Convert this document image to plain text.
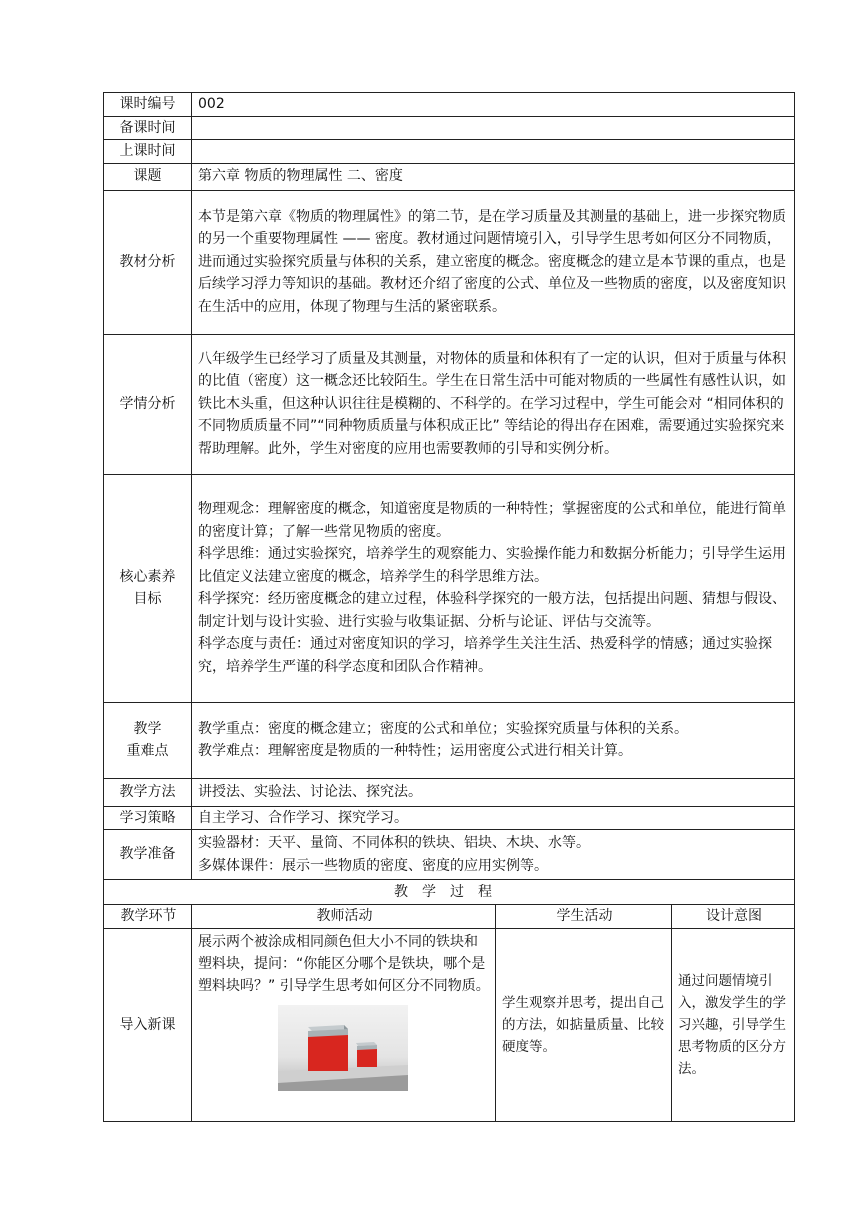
课时编号	002		
备课时间			
上课时间			
课题	第六章 物质的物理属性 二、密度		
教材分析	本节是第六章《物质的物理属性》的第二节，是在学习质量及其测量的基础上，进一步探究物质的另一个重要物理属性 —— 密度。教材通过问题情境引入，引导学生思考如何区分不同物质，进而通过实验探究质量与体积的关系，建立密度的概念。密度概念的建立是本节课的重点，也是后续学习浮力等知识的基础。教材还介绍了密度的公式、单位及一些物质的密度，以及密度知识在生活中的应用，体现了物理与生活的紧密联系。		
学情分析	八年级学生已经学习了质量及其测量，对物体的质量和体积有了一定的认识，但对于质量与体积的比值（密度）这一概念还比较陌生。学生在日常生活中可能对物质的一些属性有感性认识，如铁比木头重，但这种认识往往是模糊的、不科学的。在学习过程中，学生可能会对 “相同体积的不同物质质量不同”“同种物质质量与体积成正比” 等结论的得出存在困难，需要通过实验探究来帮助理解。此外，学生对密度的应用也需要教师的引导和实例分析。		

核心素养
目标	物理观念：理解密度的概念，知道密度是物质的一种特性；掌握密度的公式和单位，能进行简单的密度计算；了解一些常见物质的密度。
科学思维：通过实验探究，培养学生的观察能力、实验操作能力和数据分析能力；引导学生运用比值定义法建立密度的概念，培养学生的科学思维方法。
科学探究：经历密度概念的建立过程，体验科学探究的一般方法，包括提出问题、猜想与假设、制定计划与设计实验、进行实验与收集证据、分析与论证、评估与交流等。
科学态度与责任：通过对密度知识的学习，培养学生关注生活、热爱科学的情感；通过实验探究，培养学生严谨的科学态度和团队合作精神。		

教学
重难点	教学重点：密度的概念建立；密度的公式和单位；实验探究质量与体积的关系。
教学难点：理解密度是物质的一种特性；运用密度公式进行相关计算。		

教学方法	讲授法、实验法、讨论法、探究法。		
学习策略	自主学习、合作学习、探究学习。		
教学准备	实验器材：天平、量筒、不同体积的铁块、铝块、木块、水等。
多媒体课件：展示一些物质的密度、密度的应用实例等。		

教学过程			
教学环节	教师活动	学生活动	设计意图
导入新课	展示两个被涂成相同颜色但大小不同的铁块和塑料块，提问：“你能区分哪个是铁块，哪个是塑料块吗？” 引导学生思考如何区分不同物质。	学生观察并思考，提出自己的方法，如掂量质量、比较硬度等。	通过问题情境引入，激发学生的学习兴趣，引导学生思考物质的区分方法。
